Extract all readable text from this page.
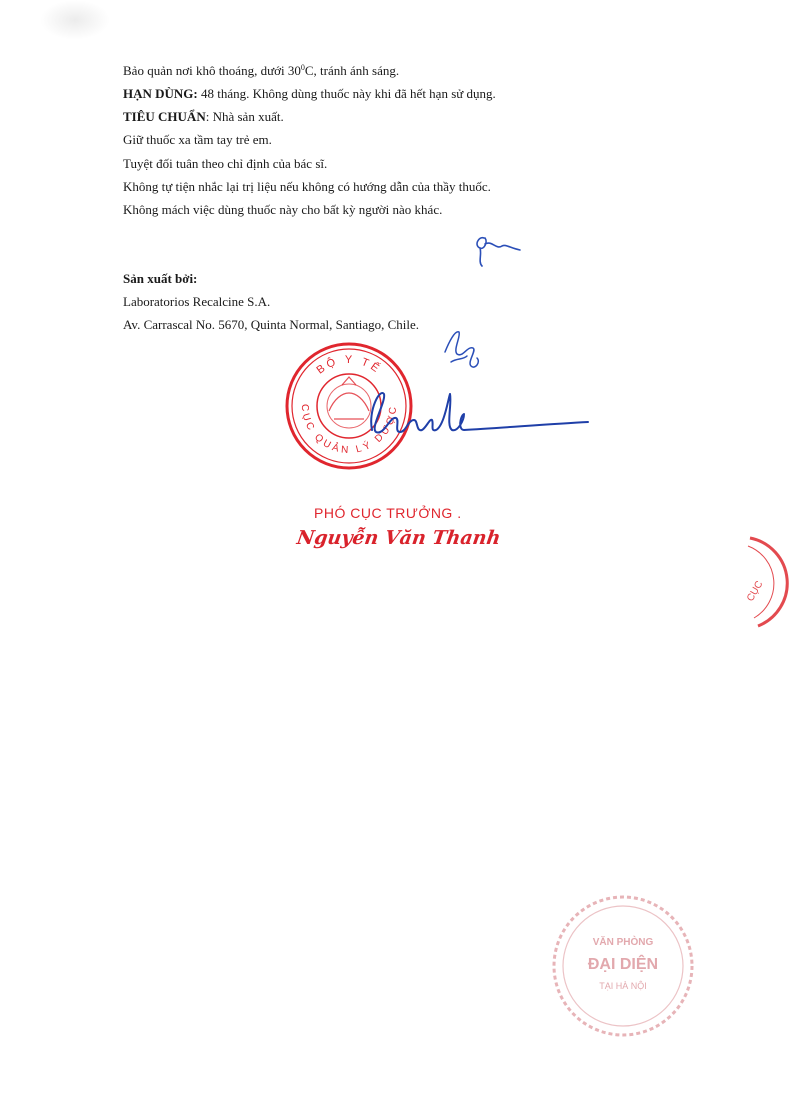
Bảo quản nơi khô thoáng, dưới $30^0C$, tránh ánh sáng.
HẠN DÙNG: 48 tháng. Không dùng thuốc này khi đã hết hạn sử dụng.
TIÊU CHUẨN: Nhà sản xuất.
Giữ thuốc xa tầm tay trẻ em.
Tuyệt đối tuân theo chỉ định của bác sĩ.
Không tự tiện nhắc lại trị liệu nếu không có hướng dẫn của thầy thuốc.
Không mách việc dùng thuốc này cho bất kỳ người nào khác.
Sản xuất bởi:
Laboratorios Recalcine S.A.
Av. Carrascal No. 5670, Quinta Normal, Santiago, Chile.
BỘ Y TẾ
CỤC QUẢN LÝ DƯỢC
PHÓ CỤC TRƯỞNG .
Nguyễn Văn Thanh
CỤC
VĂN PHÒNG
ĐẠI DIỆN
TẠI HÀ NỘI
